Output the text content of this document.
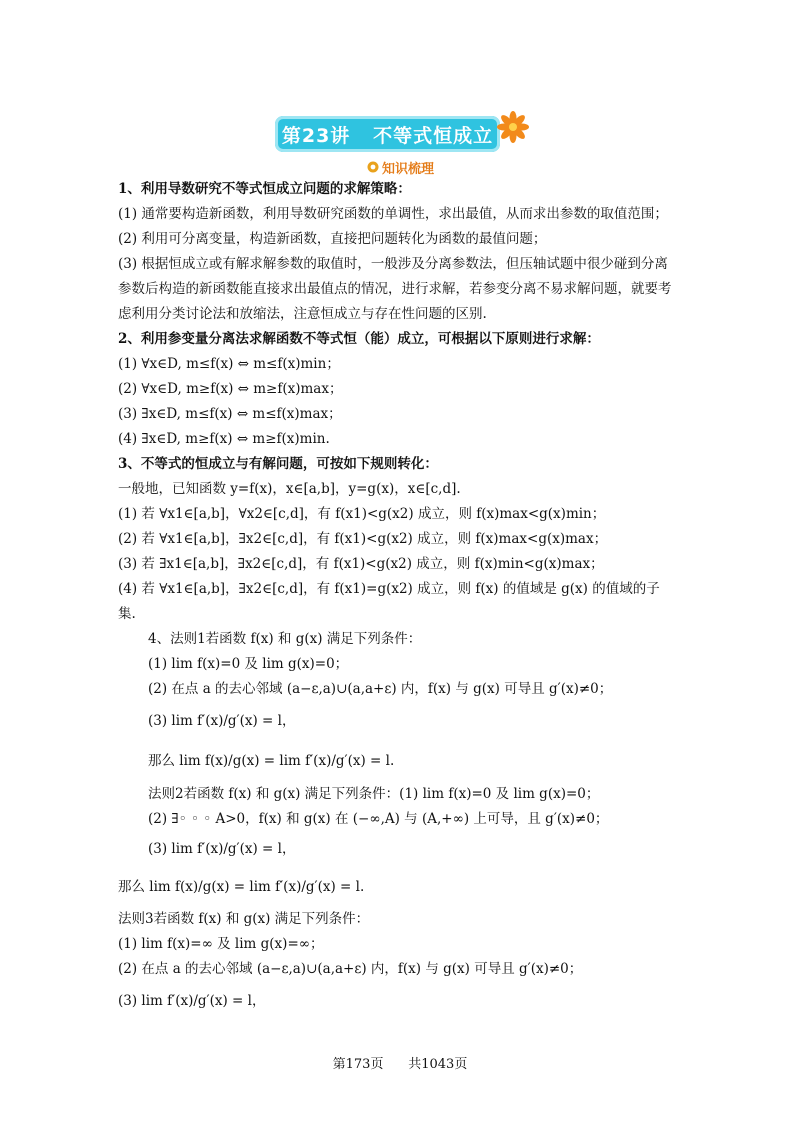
第23讲   不等式恒成立
知识梳理
1、利用导数研究不等式恒成立问题的求解策略：
(1) 通常要构造新函数，利用导数研究函数的单调性，求出最值，从而求出参数的取值范围；
(2) 利用可分离变量，构造新函数，直接把问题转化为函数的最值问题；
(3) 根据恒成立或有解求解参数的取值时，一般涉及分离参数法，但压轴试题中很少碰到分离
参数后构造的新函数能直接求出最值点的情况，进行求解，若参变分离不易求解问题，就要考
虑利用分类讨论法和放缩法，注意恒成立与存在性问题的区别.
2、利用参变量分离法求解函数不等式恒（能）成立，可根据以下原则进行求解：
(1) ∀x∈D, m≤f(x) ⇔ m≤f(x)min；
(2) ∀x∈D, m≥f(x) ⇔ m≥f(x)max；
(3) ∃x∈D, m≤f(x) ⇔ m≤f(x)max；
(4) ∃x∈D, m≥f(x) ⇔ m≥f(x)min.
3、不等式的恒成立与有解问题，可按如下规则转化：
一般地，已知函数 y=f(x)，x∈[a,b]，y=g(x)，x∈[c,d].
(1) 若 ∀x1∈[a,b]，∀x2∈[c,d]，有 f(x1)<g(x2) 成立，则 f(x)max<g(x)min；
(2) 若 ∀x1∈[a,b]，∃x2∈[c,d]，有 f(x1)<g(x2) 成立，则 f(x)max<g(x)max；
(3) 若 ∃x1∈[a,b]，∃x2∈[c,d]，有 f(x1)<g(x2) 成立，则 f(x)min<g(x)max；
(4) 若 ∀x1∈[a,b]，∃x2∈[c,d]，有 f(x1)=g(x2) 成立，则 f(x) 的值域是 g(x) 的值域的子
集.
4、法则1若函数 f(x) 和 g(x) 满足下列条件：
(1) lim f(x)=0 及 lim g(x)=0；
(2) 在点 a 的去心邻域 (a−ε,a)∪(a,a+ε) 内，f(x) 与 g(x) 可导且 g′(x)≠0；
(3) lim f′(x)/g′(x) = l，
那么 lim f(x)/g(x) = lim f′(x)/g′(x) = l.
法则2若函数 f(x) 和 g(x) 满足下列条件：(1) lim f(x)=0 及 lim g(x)=0；
(2) ∃◦ ◦ ◦ A>0，f(x) 和 g(x) 在 (−∞,A) 与 (A,+∞) 上可导，且 g′(x)≠0；
(3) lim f′(x)/g′(x) = l，
那么 lim f(x)/g(x) = lim f′(x)/g′(x) = l.
法则3若函数 f(x) 和 g(x) 满足下列条件：
(1) lim f(x)=∞ 及 lim g(x)=∞；
(2) 在点 a 的去心邻域 (a−ε,a)∪(a,a+ε) 内，f(x) 与 g(x) 可导且 g′(x)≠0；
(3) lim f′(x)/g′(x) = l，
第173页      共1043页
